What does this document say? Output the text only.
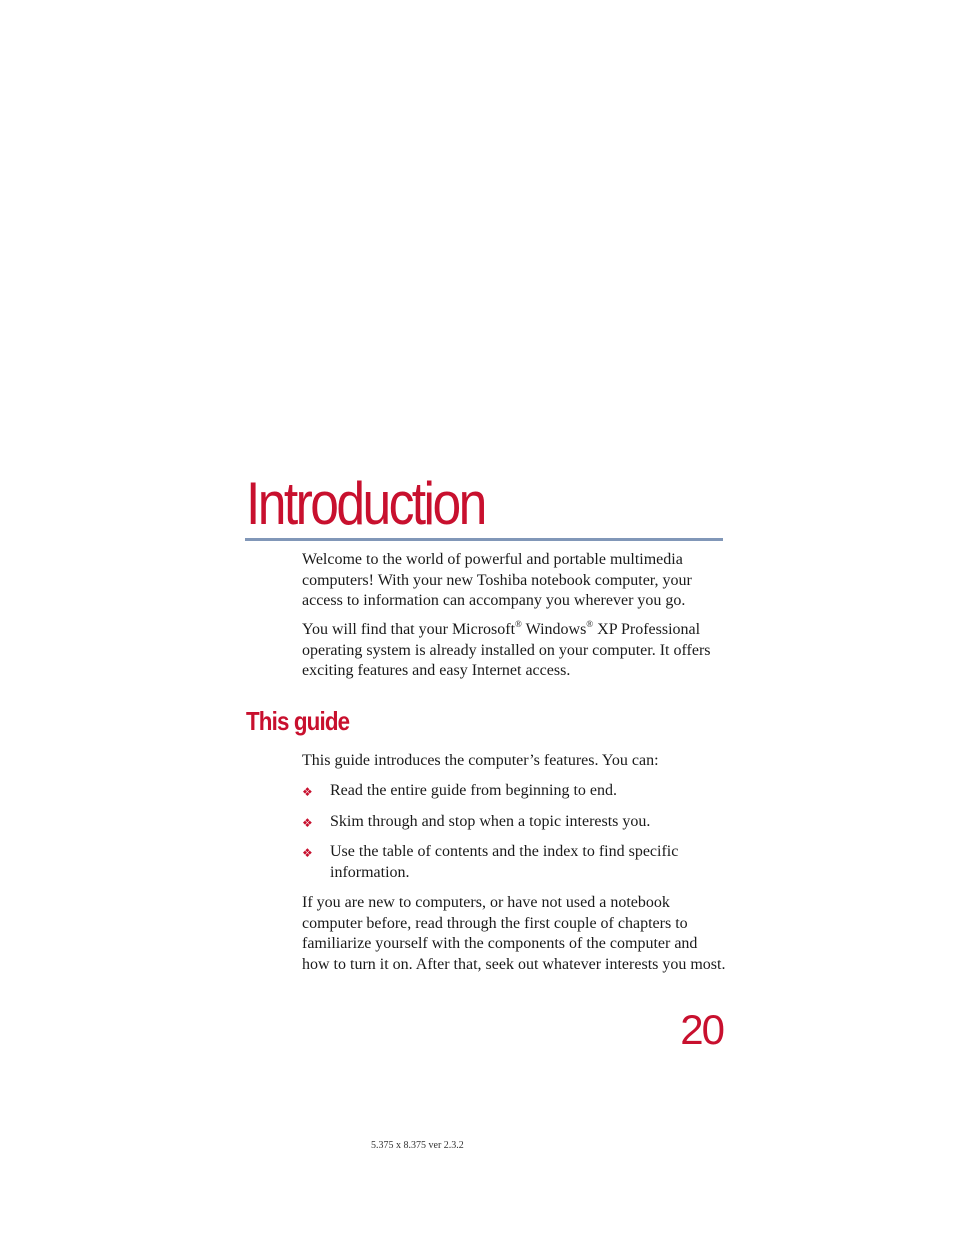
Introduction

Welcome to the world of powerful and portable multimedia computers! With your new Toshiba notebook computer, your access to information can accompany you wherever you go.

You will find that your Microsoft® Windows® XP Professional operating system is already installed on your computer. It offers exciting features and easy Internet access.

This guide

This guide introduces the computer’s features. You can:

❖ Read the entire guide from beginning to end.
❖ Skim through and stop when a topic interests you.
❖ Use the table of contents and the index to find specific information.

If you are new to computers, or have not used a notebook computer before, read through the first couple of chapters to familiarize yourself with the components of the computer and how to turn it on. After that, seek out whatever interests you most.

20
5.375 x 8.375 ver 2.3.2
